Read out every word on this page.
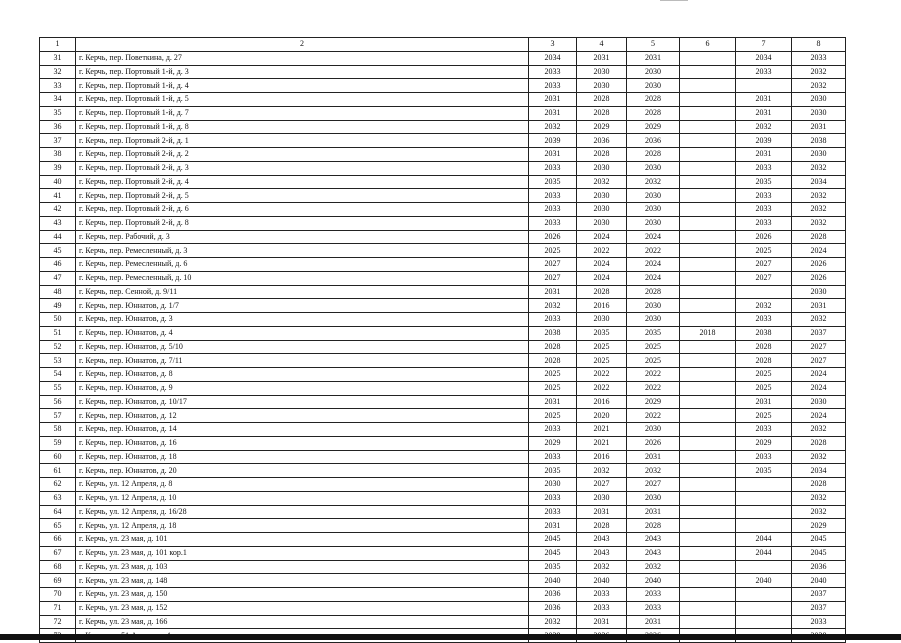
1	2	3	4	5	6	7	8
31	г. Керчь, пер. Поветкина, д. 27	2034	2031	2031		2034	2033
32	г. Керчь, пер. Портовый 1-й, д. 3	2033	2030	2030		2033	2032
33	г. Керчь, пер. Портовый 1-й, д. 4	2033	2030	2030			2032
34	г. Керчь, пер. Портовый 1-й, д. 5	2031	2028	2028		2031	2030
35	г. Керчь, пер. Портовый 1-й, д. 7	2031	2028	2028		2031	2030
36	г. Керчь, пер. Портовый 1-й, д. 8	2032	2029	2029		2032	2031
37	г. Керчь, пер. Портовый 2-й, д. 1	2039	2036	2036		2039	2038
38	г. Керчь, пер. Портовый 2-й, д. 2	2031	2028	2028		2031	2030
39	г. Керчь, пер. Портовый 2-й, д. 3	2033	2030	2030		2033	2032
40	г. Керчь, пер. Портовый 2-й, д. 4	2035	2032	2032		2035	2034
41	г. Керчь, пер. Портовый 2-й, д. 5	2033	2030	2030		2033	2032
42	г. Керчь, пер. Портовый 2-й, д. 6	2033	2030	2030		2033	2032
43	г. Керчь, пер. Портовый 2-й, д. 8	2033	2030	2030		2033	2032
44	г. Керчь, пер. Рабочий, д. 3	2026	2024	2024		2026	2028
45	г. Керчь, пер. Ремесленный, д. 3	2025	2022	2022		2025	2024
46	г. Керчь, пер. Ремесленный, д. 6	2027	2024	2024		2027	2026
47	г. Керчь, пер. Ремесленный, д. 10	2027	2024	2024		2027	2026
48	г. Керчь, пер. Сенной, д. 9/11	2031	2028	2028			2030
49	г. Керчь, пер. Юннатов, д. 1/7	2032	2016	2030		2032	2031
50	г. Керчь, пер. Юннатов, д. 3	2033	2030	2030		2033	2032
51	г. Керчь, пер. Юннатов, д. 4	2038	2035	2035	2018	2038	2037
52	г. Керчь, пер. Юннатов, д. 5/10	2028	2025	2025		2028	2027
53	г. Керчь, пер. Юннатов, д. 7/11	2028	2025	2025		2028	2027
54	г. Керчь, пер. Юннатов, д. 8	2025	2022	2022		2025	2024
55	г. Керчь, пер. Юннатов, д. 9	2025	2022	2022		2025	2024
56	г. Керчь, пер. Юннатов, д. 10/17	2031	2016	2029		2031	2030
57	г. Керчь, пер. Юннатов, д. 12	2025	2020	2022		2025	2024
58	г. Керчь, пер. Юннатов, д. 14	2033	2021	2030		2033	2032
59	г. Керчь, пер. Юннатов, д. 16	2029	2021	2026		2029	2028
60	г. Керчь, пер. Юннатов, д. 18	2033	2016	2031		2033	2032
61	г. Керчь, пер. Юннатов, д. 20	2035	2032	2032		2035	2034
62	г. Керчь, ул. 12 Апреля, д. 8	2030	2027	2027			2028
63	г. Керчь, ул. 12 Апреля, д. 10	2033	2030	2030			2032
64	г. Керчь, ул. 12 Апреля, д. 16/28	2033	2031	2031			2032
65	г. Керчь, ул. 12 Апреля, д. 18	2031	2028	2028			2029
66	г. Керчь, ул. 23 мая, д. 101	2045	2043	2043		2044	2045
67	г. Керчь, ул. 23 мая, д. 101 кор.1	2045	2043	2043		2044	2045
68	г. Керчь, ул. 23 мая, д. 103	2035	2032	2032			2036
69	г. Керчь, ул. 23 мая, д. 148	2040	2040	2040		2040	2040
70	г. Керчь, ул. 23 мая, д. 150	2036	2033	2033			2037
71	г. Керчь, ул. 23 мая, д. 152	2036	2033	2033			2037
72	г. Керчь, ул. 23 мая, д. 166	2032	2031	2031			2033
